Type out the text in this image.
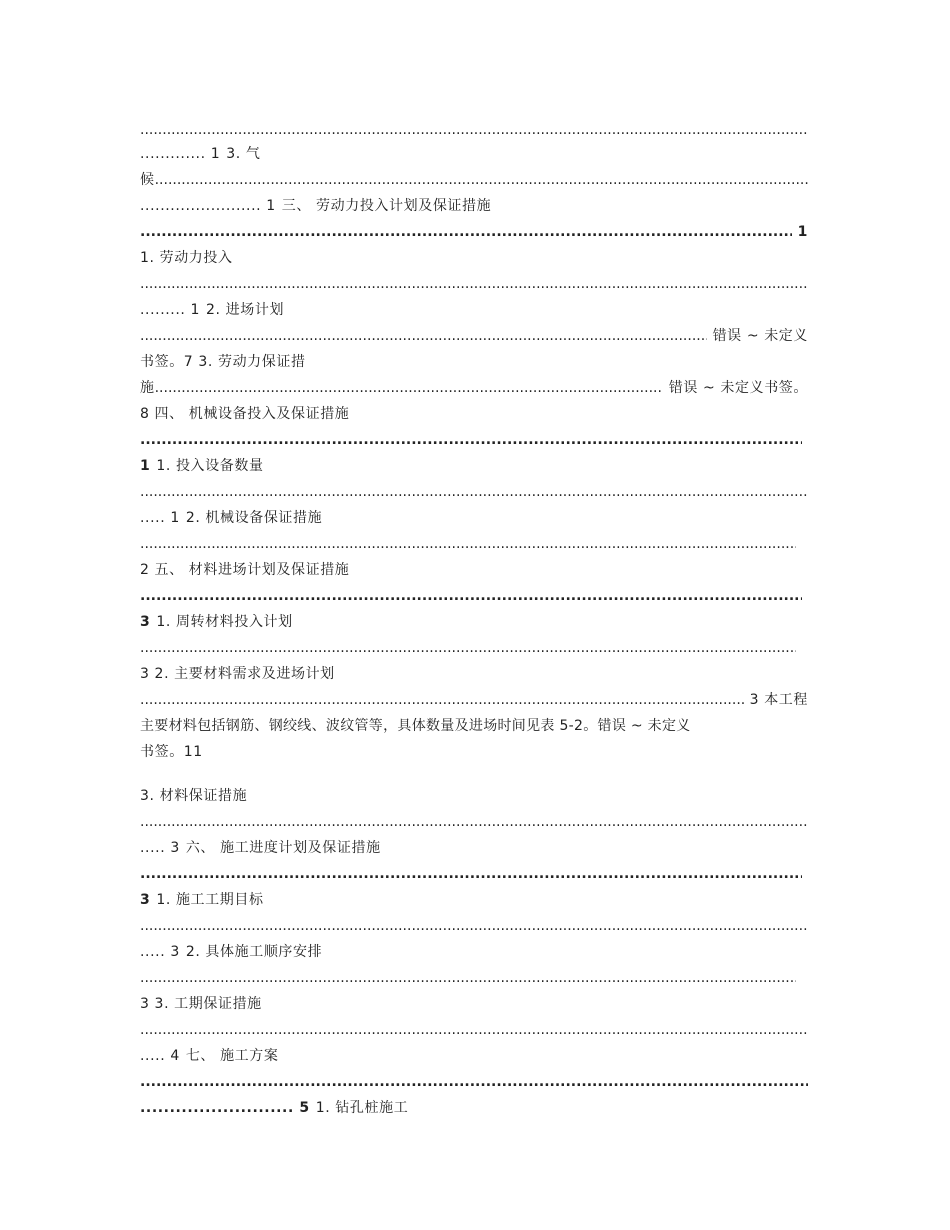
.....
............. 1 3. 气
候
.....
........................ 1 三、 劳动力投入计划及保证措施
.....
1
1. 劳动力投入
.....
......... 1 2. 进场计划
.....
错误 ~ 未定义
书签。7 3. 劳动力保证措
施
.....	错误 ~ 未定义书签。
8 四、 机械设备投入及保证措施
.....
1 1. 投入设备数量
.....
..... 1 2. 机械设备保证措施
.....
2 五、 材料进场计划及保证措施
.....
3 1. 周转材料投入计划
.....
3 2. 主要材料需求及进场计划
.....
3 本工程
主要材料包括钢筋、钢绞线、波纹管等，具体数量及进场时间见表 5-2。错误 ~ 未定义
书签。11
3. 材料保证措施
.....
..... 3 六、 施工进度计划及保证措施
.....
3 1. 施工工期目标
.....
..... 3 2. 具体施工顺序安排
.....
3 3. 工期保证措施
.....
..... 4 七、 施工方案
.....
.......................... 5 1. 钻孔桩施工
